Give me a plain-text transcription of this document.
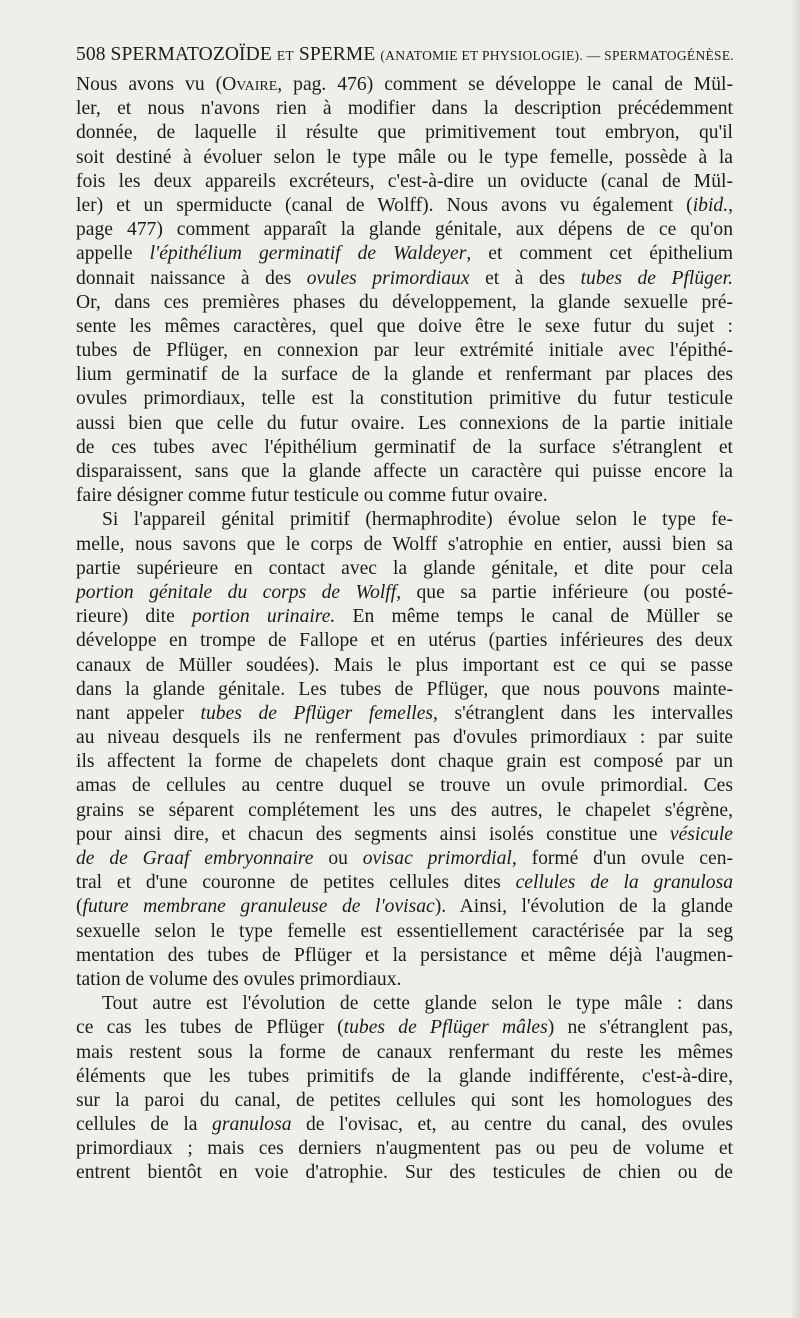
508 SPERMATOZOÏDE ET SPERME (ANATOMIE ET PHYSIOLOGIE). — SPERMATOGÉNÈSE.
Nous avons vu (Ovaire, pag. 476) comment se développe le canal de Mül-
ler, et nous n'avons rien à modifier dans la description précédemment
donnée, de laquelle il résulte que primitivement tout embryon, qu'il
soit destiné à évoluer selon le type mâle ou le type femelle, possède à la
fois les deux appareils excréteurs, c'est-à-dire un oviducte (canal de Mül-
ler) et un spermiducte (canal de Wolff). Nous avons vu également (ibid.,
page 477) comment apparaît la glande génitale, aux dépens de ce qu'on
appelle l'épithélium germinatif de Waldeyer, et comment cet épithelium
donnait naissance à des ovules primordiaux et à des tubes de Pflüger.
Or, dans ces premières phases du développement, la glande sexuelle pré-
sente les mêmes caractères, quel que doive être le sexe futur du sujet :
tubes de Pflüger, en connexion par leur extrémité initiale avec l'épithé-
lium germinatif de la surface de la glande et renfermant par places des
ovules primordiaux, telle est la constitution primitive du futur testicule
aussi bien que celle du futur ovaire. Les connexions de la partie initiale
de ces tubes avec l'épithélium germinatif de la surface s'étranglent et
disparaissent, sans que la glande affecte un caractère qui puisse encore la
faire désigner comme futur testicule ou comme futur ovaire.
Si l'appareil génital primitif (hermaphrodite) évolue selon le type fe-
melle, nous savons que le corps de Wolff s'atrophie en entier, aussi bien sa
partie supérieure en contact avec la glande génitale, et dite pour cela
portion génitale du corps de Wolff, que sa partie inférieure (ou posté-
rieure) dite portion urinaire. En même temps le canal de Müller se
développe en trompe de Fallope et en utérus (parties inférieures des deux
canaux de Müller soudées). Mais le plus important est ce qui se passe
dans la glande génitale. Les tubes de Pflüger, que nous pouvons mainte-
nant appeler tubes de Pflüger femelles, s'étranglent dans les intervalles
au niveau desquels ils ne renferment pas d'ovules primordiaux : par suite
ils affectent la forme de chapelets dont chaque grain est composé par un
amas de cellules au centre duquel se trouve un ovule primordial. Ces
grains se séparent complétement les uns des autres, le chapelet s'égrène,
pour ainsi dire, et chacun des segments ainsi isolés constitue une vésicule
de de Graaf embryonnaire ou ovisac primordial, formé d'un ovule cen-
tral et d'une couronne de petites cellules dites cellules de la granulosa
(future membrane granuleuse de l'ovisac). Ainsi, l'évolution de la glande
sexuelle selon le type femelle est essentiellement caractérisée par la seg
mentation des tubes de Pflüger et la persistance et même déjà l'augmen-
tation de volume des ovules primordiaux.
Tout autre est l'évolution de cette glande selon le type mâle : dans
ce cas les tubes de Pflüger (tubes de Pflüger mâles) ne s'étranglent pas,
mais restent sous la forme de canaux renfermant du reste les mêmes
éléments que les tubes primitifs de la glande indifférente, c'est-à-dire,
sur la paroi du canal, de petites cellules qui sont les homologues des
cellules de la granulosa de l'ovisac, et, au centre du canal, des ovules
primordiaux ; mais ces derniers n'augmentent pas ou peu de volume et
entrent bientôt en voie d'atrophie. Sur des testicules de chien ou de
